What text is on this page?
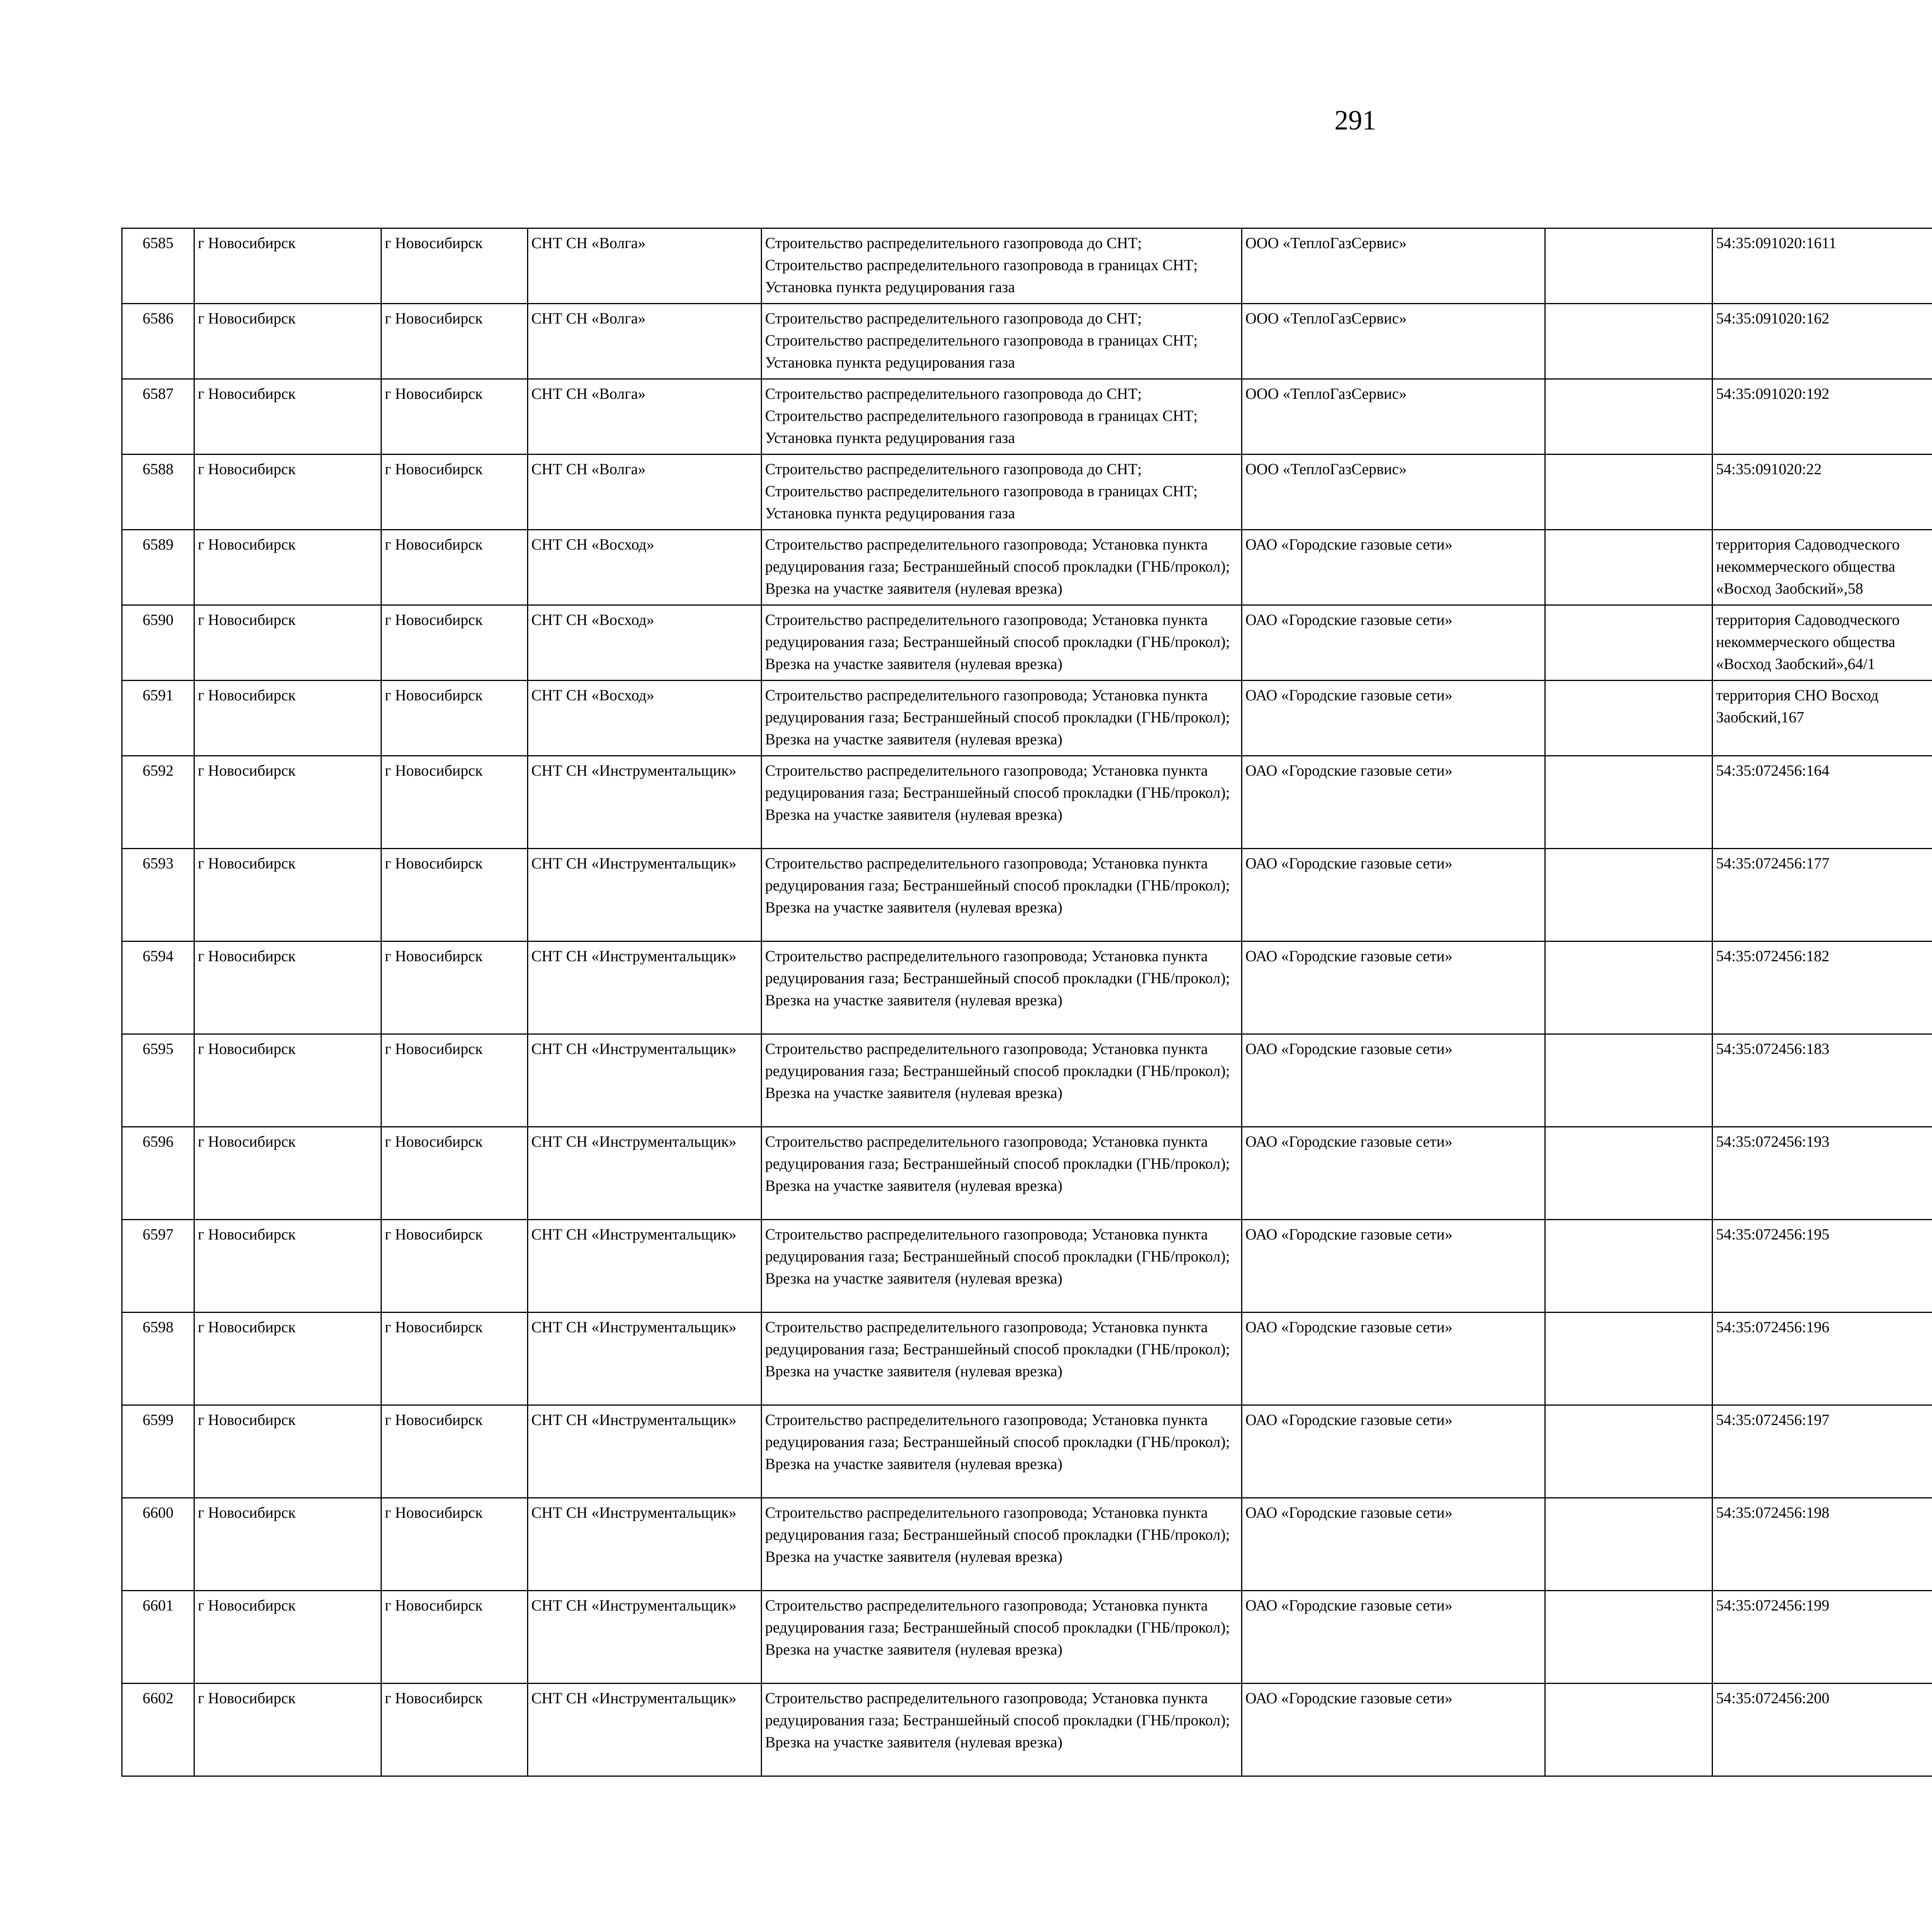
291
6585	г Новосибирск	г Новосибирск	СНТ СН «Волга»	Строительство распределительного газопровода до СНТ; Строительство распределительного газопровода в границах СНТ; Установка пункта редуцирования газа	ООО «ТеплоГазСервис»		54:35:091020:1611					
6586	г Новосибирск	г Новосибирск	СНТ СН «Волга»	Строительство распределительного газопровода до СНТ; Строительство распределительного газопровода в границах СНТ; Установка пункта редуцирования газа	ООО «ТеплоГазСервис»		54:35:091020:162					
6587	г Новосибирск	г Новосибирск	СНТ СН «Волга»	Строительство распределительного газопровода до СНТ; Строительство распределительного газопровода в границах СНТ; Установка пункта редуцирования газа	ООО «ТеплоГазСервис»		54:35:091020:192					
6588	г Новосибирск	г Новосибирск	СНТ СН «Волга»	Строительство распределительного газопровода до СНТ; Строительство распределительного газопровода в границах СНТ; Установка пункта редуцирования газа	ООО «ТеплоГазСервис»		54:35:091020:22					
6589	г Новосибирск	г Новосибирск	СНТ СН «Восход»	Строительство распределительного газопровода; Установка пункта редуцирования газа; Бестраншейный способ прокладки (ГНБ/прокол); Врезка на участке заявителя (нулевая врезка)	ОАО «Городские газовые сети»		территория Садоводческого некоммерческого общества «Восход Заобский»,58					
6590	г Новосибирск	г Новосибирск	СНТ СН «Восход»	Строительство распределительного газопровода; Установка пункта редуцирования газа; Бестраншейный способ прокладки (ГНБ/прокол); Врезка на участке заявителя (нулевая врезка)	ОАО «Городские газовые сети»		территория Садоводческого некоммерческого общества «Восход Заобский»,64/1					
6591	г Новосибирск	г Новосибирск	СНТ СН «Восход»	Строительство распределительного газопровода; Установка пункта редуцирования газа; Бестраншейный способ прокладки (ГНБ/прокол); Врезка на участке заявителя (нулевая врезка)	ОАО «Городские газовые сети»		территория СНО Восход Заобский,167					
6592	г Новосибирск	г Новосибирск	СНТ СН «Инструментальщик»	Строительство распределительного газопровода; Установка пункта редуцирования газа; Бестраншейный способ прокладки (ГНБ/прокол); Врезка на участке заявителя (нулевая врезка)	ОАО «Городские газовые сети»		54:35:072456:164					
6593	г Новосибирск	г Новосибирск	СНТ СН «Инструментальщик»	Строительство распределительного газопровода; Установка пункта редуцирования газа; Бестраншейный способ прокладки (ГНБ/прокол); Врезка на участке заявителя (нулевая врезка)	ОАО «Городские газовые сети»		54:35:072456:177					
6594	г Новосибирск	г Новосибирск	СНТ СН «Инструментальщик»	Строительство распределительного газопровода; Установка пункта редуцирования газа; Бестраншейный способ прокладки (ГНБ/прокол); Врезка на участке заявителя (нулевая врезка)	ОАО «Городские газовые сети»		54:35:072456:182					
6595	г Новосибирск	г Новосибирск	СНТ СН «Инструментальщик»	Строительство распределительного газопровода; Установка пункта редуцирования газа; Бестраншейный способ прокладки (ГНБ/прокол); Врезка на участке заявителя (нулевая врезка)	ОАО «Городские газовые сети»		54:35:072456:183					
6596	г Новосибирск	г Новосибирск	СНТ СН «Инструментальщик»	Строительство распределительного газопровода; Установка пункта редуцирования газа; Бестраншейный способ прокладки (ГНБ/прокол); Врезка на участке заявителя (нулевая врезка)	ОАО «Городские газовые сети»		54:35:072456:193					
6597	г Новосибирск	г Новосибирск	СНТ СН «Инструментальщик»	Строительство распределительного газопровода; Установка пункта редуцирования газа; Бестраншейный способ прокладки (ГНБ/прокол); Врезка на участке заявителя (нулевая врезка)	ОАО «Городские газовые сети»		54:35:072456:195					
6598	г Новосибирск	г Новосибирск	СНТ СН «Инструментальщик»	Строительство распределительного газопровода; Установка пункта редуцирования газа; Бестраншейный способ прокладки (ГНБ/прокол); Врезка на участке заявителя (нулевая врезка)	ОАО «Городские газовые сети»		54:35:072456:196					
6599	г Новосибирск	г Новосибирск	СНТ СН «Инструментальщик»	Строительство распределительного газопровода; Установка пункта редуцирования газа; Бестраншейный способ прокладки (ГНБ/прокол); Врезка на участке заявителя (нулевая врезка)	ОАО «Городские газовые сети»		54:35:072456:197					
6600	г Новосибирск	г Новосибирск	СНТ СН «Инструментальщик»	Строительство распределительного газопровода; Установка пункта редуцирования газа; Бестраншейный способ прокладки (ГНБ/прокол); Врезка на участке заявителя (нулевая врезка)	ОАО «Городские газовые сети»		54:35:072456:198					
6601	г Новосибирск	г Новосибирск	СНТ СН «Инструментальщик»	Строительство распределительного газопровода; Установка пункта редуцирования газа; Бестраншейный способ прокладки (ГНБ/прокол); Врезка на участке заявителя (нулевая врезка)	ОАО «Городские газовые сети»		54:35:072456:199					
6602	г Новосибирск	г Новосибирск	СНТ СН «Инструментальщик»	Строительство распределительного газопровода; Установка пункта редуцирования газа; Бестраншейный способ прокладки (ГНБ/прокол); Врезка на участке заявителя (нулевая врезка)	ОАО «Городские газовые сети»		54:35:072456:200					
